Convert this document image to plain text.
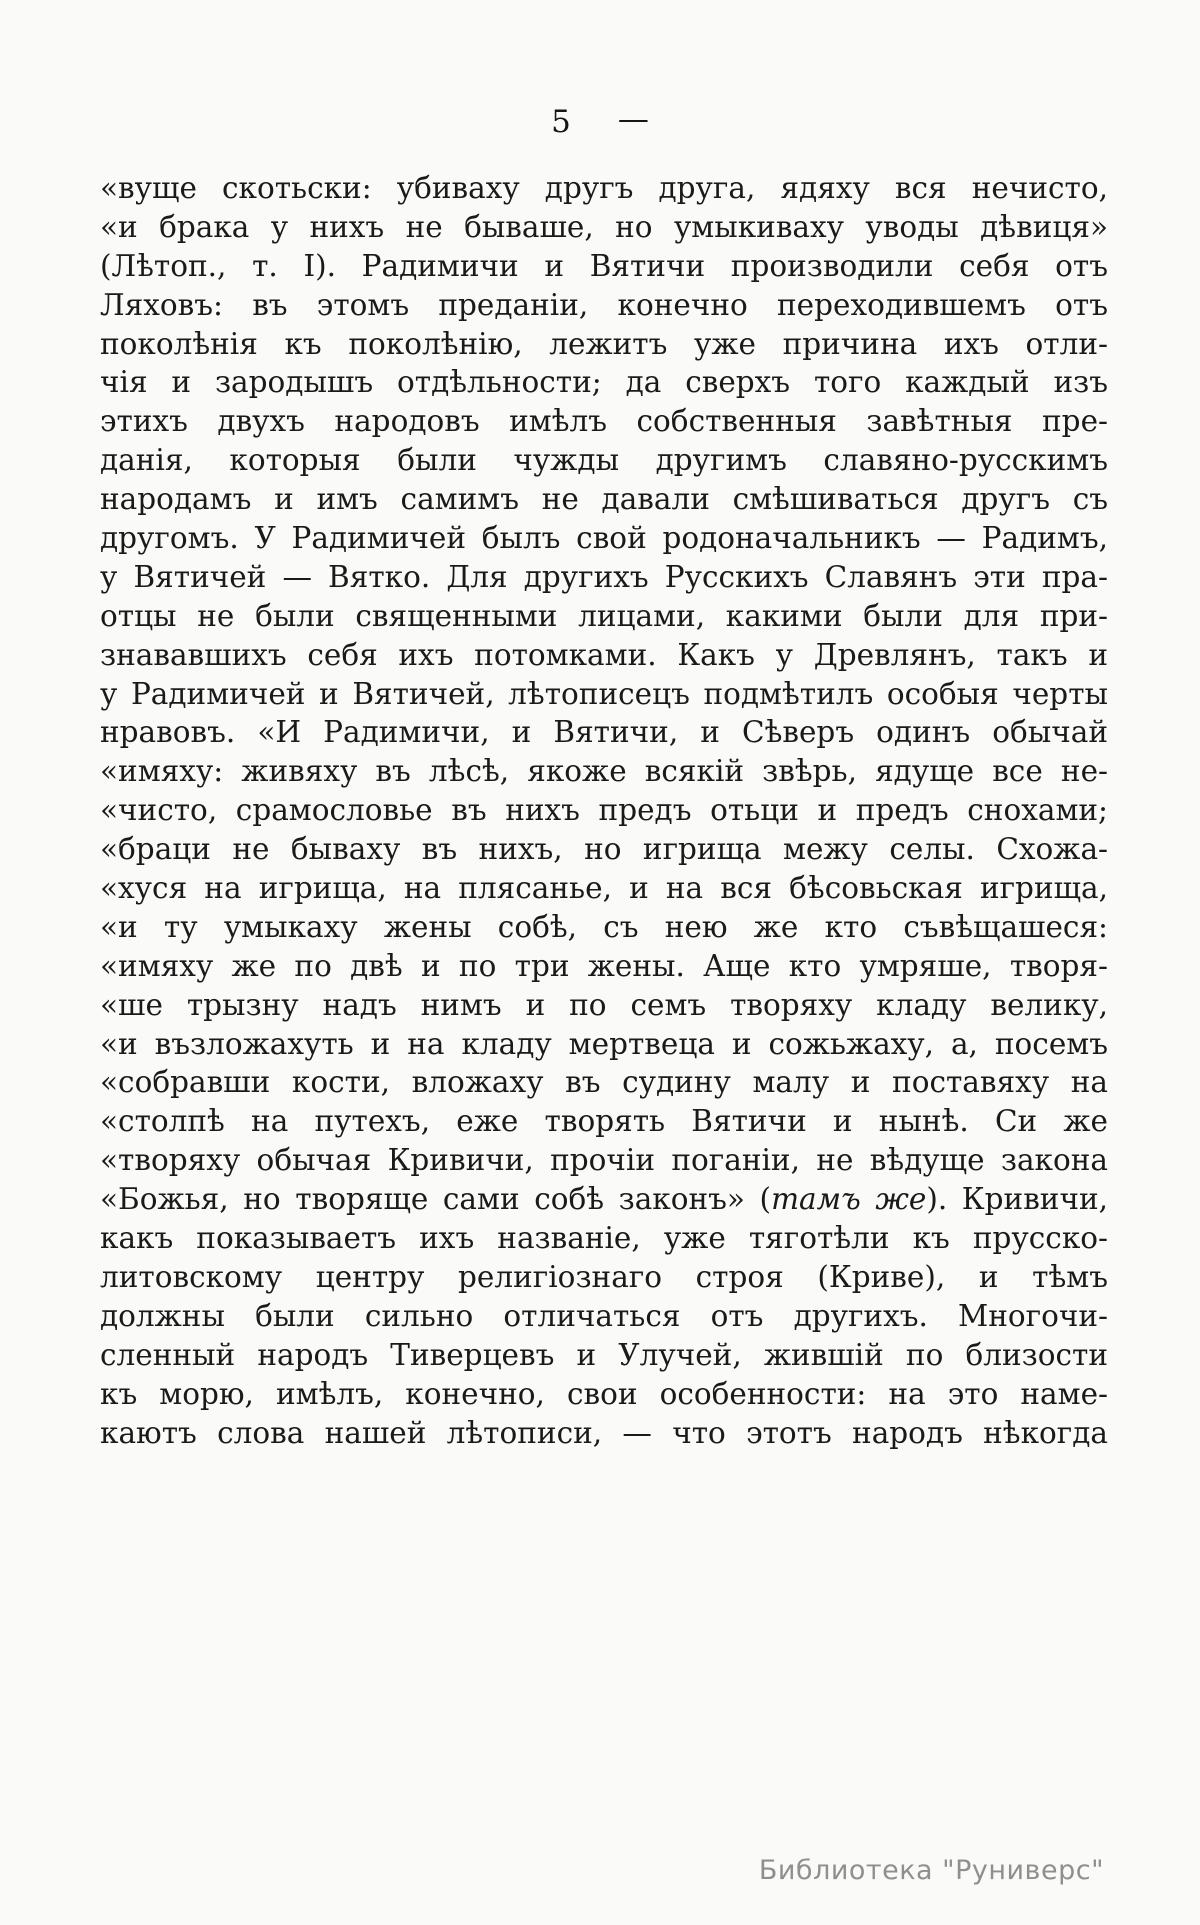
5 —
«вуще скотьски: убиваху другъ друга, ядяху вся нечисто,
«и брака у нихъ не бываше, но умыкиваху уводы дѣвиця»
(Лѣтоп., т. I). Радимичи и Вятичи производили себя отъ
Ляховъ: въ этомъ преданіи, конечно переходившемъ отъ
поколѣнія къ поколѣнію, лежитъ уже причина ихъ отли-
чія и зародышъ отдѣльности; да сверхъ того каждый изъ
этихъ двухъ народовъ имѣлъ собственныя завѣтныя пре-
данія, которыя были чужды другимъ славяно-русскимъ
народамъ и имъ самимъ не давали смѣшиваться другъ съ
другомъ. У Радимичей былъ свой родоначальникъ — Радимъ,
у Вятичей — Вятко. Для другихъ Русскихъ Славянъ эти пра-
отцы не были священными лицами, какими были для при-
знававшихъ себя ихъ потомками. Какъ у Древлянъ, такъ и
у Радимичей и Вятичей, лѣтописецъ подмѣтилъ особыя черты
нравовъ. «И Радимичи, и Вятичи, и Сѣверъ одинъ обычай
«имяху: живяху въ лѣсѣ, якоже всякій звѣрь, ядуще все не-
«чисто, срамословье въ нихъ предъ отьци и предъ снохами;
«браци не бываху въ нихъ, но игрища межу селы. Схожа-
«хуся на игрища, на плясанье, и на вся бѣсовьская игрища,
«и ту умыкаху жены собѣ, съ нею же кто съвѣщашеся:
«имяху же по двѣ и по три жены. Аще кто умряше, творя-
«ше трызну надъ нимъ и по семъ творяху кладу велику,
«и възложахуть и на кладу мертвеца и сожьжаху, а, посемъ
«собравши кости, вложаху въ судину малу и поставяху на
«столпѣ на путехъ, еже творять Вятичи и нынѣ. Си же
«творяху обычая Кривичи, прочіи поганіи, не вѣдуще закона
«Божья, но творяще сами собѣ законъ» (тамъ же). Кривичи,
какъ показываетъ ихъ названіе, уже тяготѣли къ прусско-
литовскому центру религіознаго строя (Криве), и тѣмъ
должны были сильно отличаться отъ другихъ. Многочи-
сленный народъ Тиверцевъ и Улучей, жившій по близости
къ морю, имѣлъ, конечно, свои особенности: на это наме-
каютъ слова нашей лѣтописи, — что этотъ народъ нѣкогда
Библиотека "Руниверс"
